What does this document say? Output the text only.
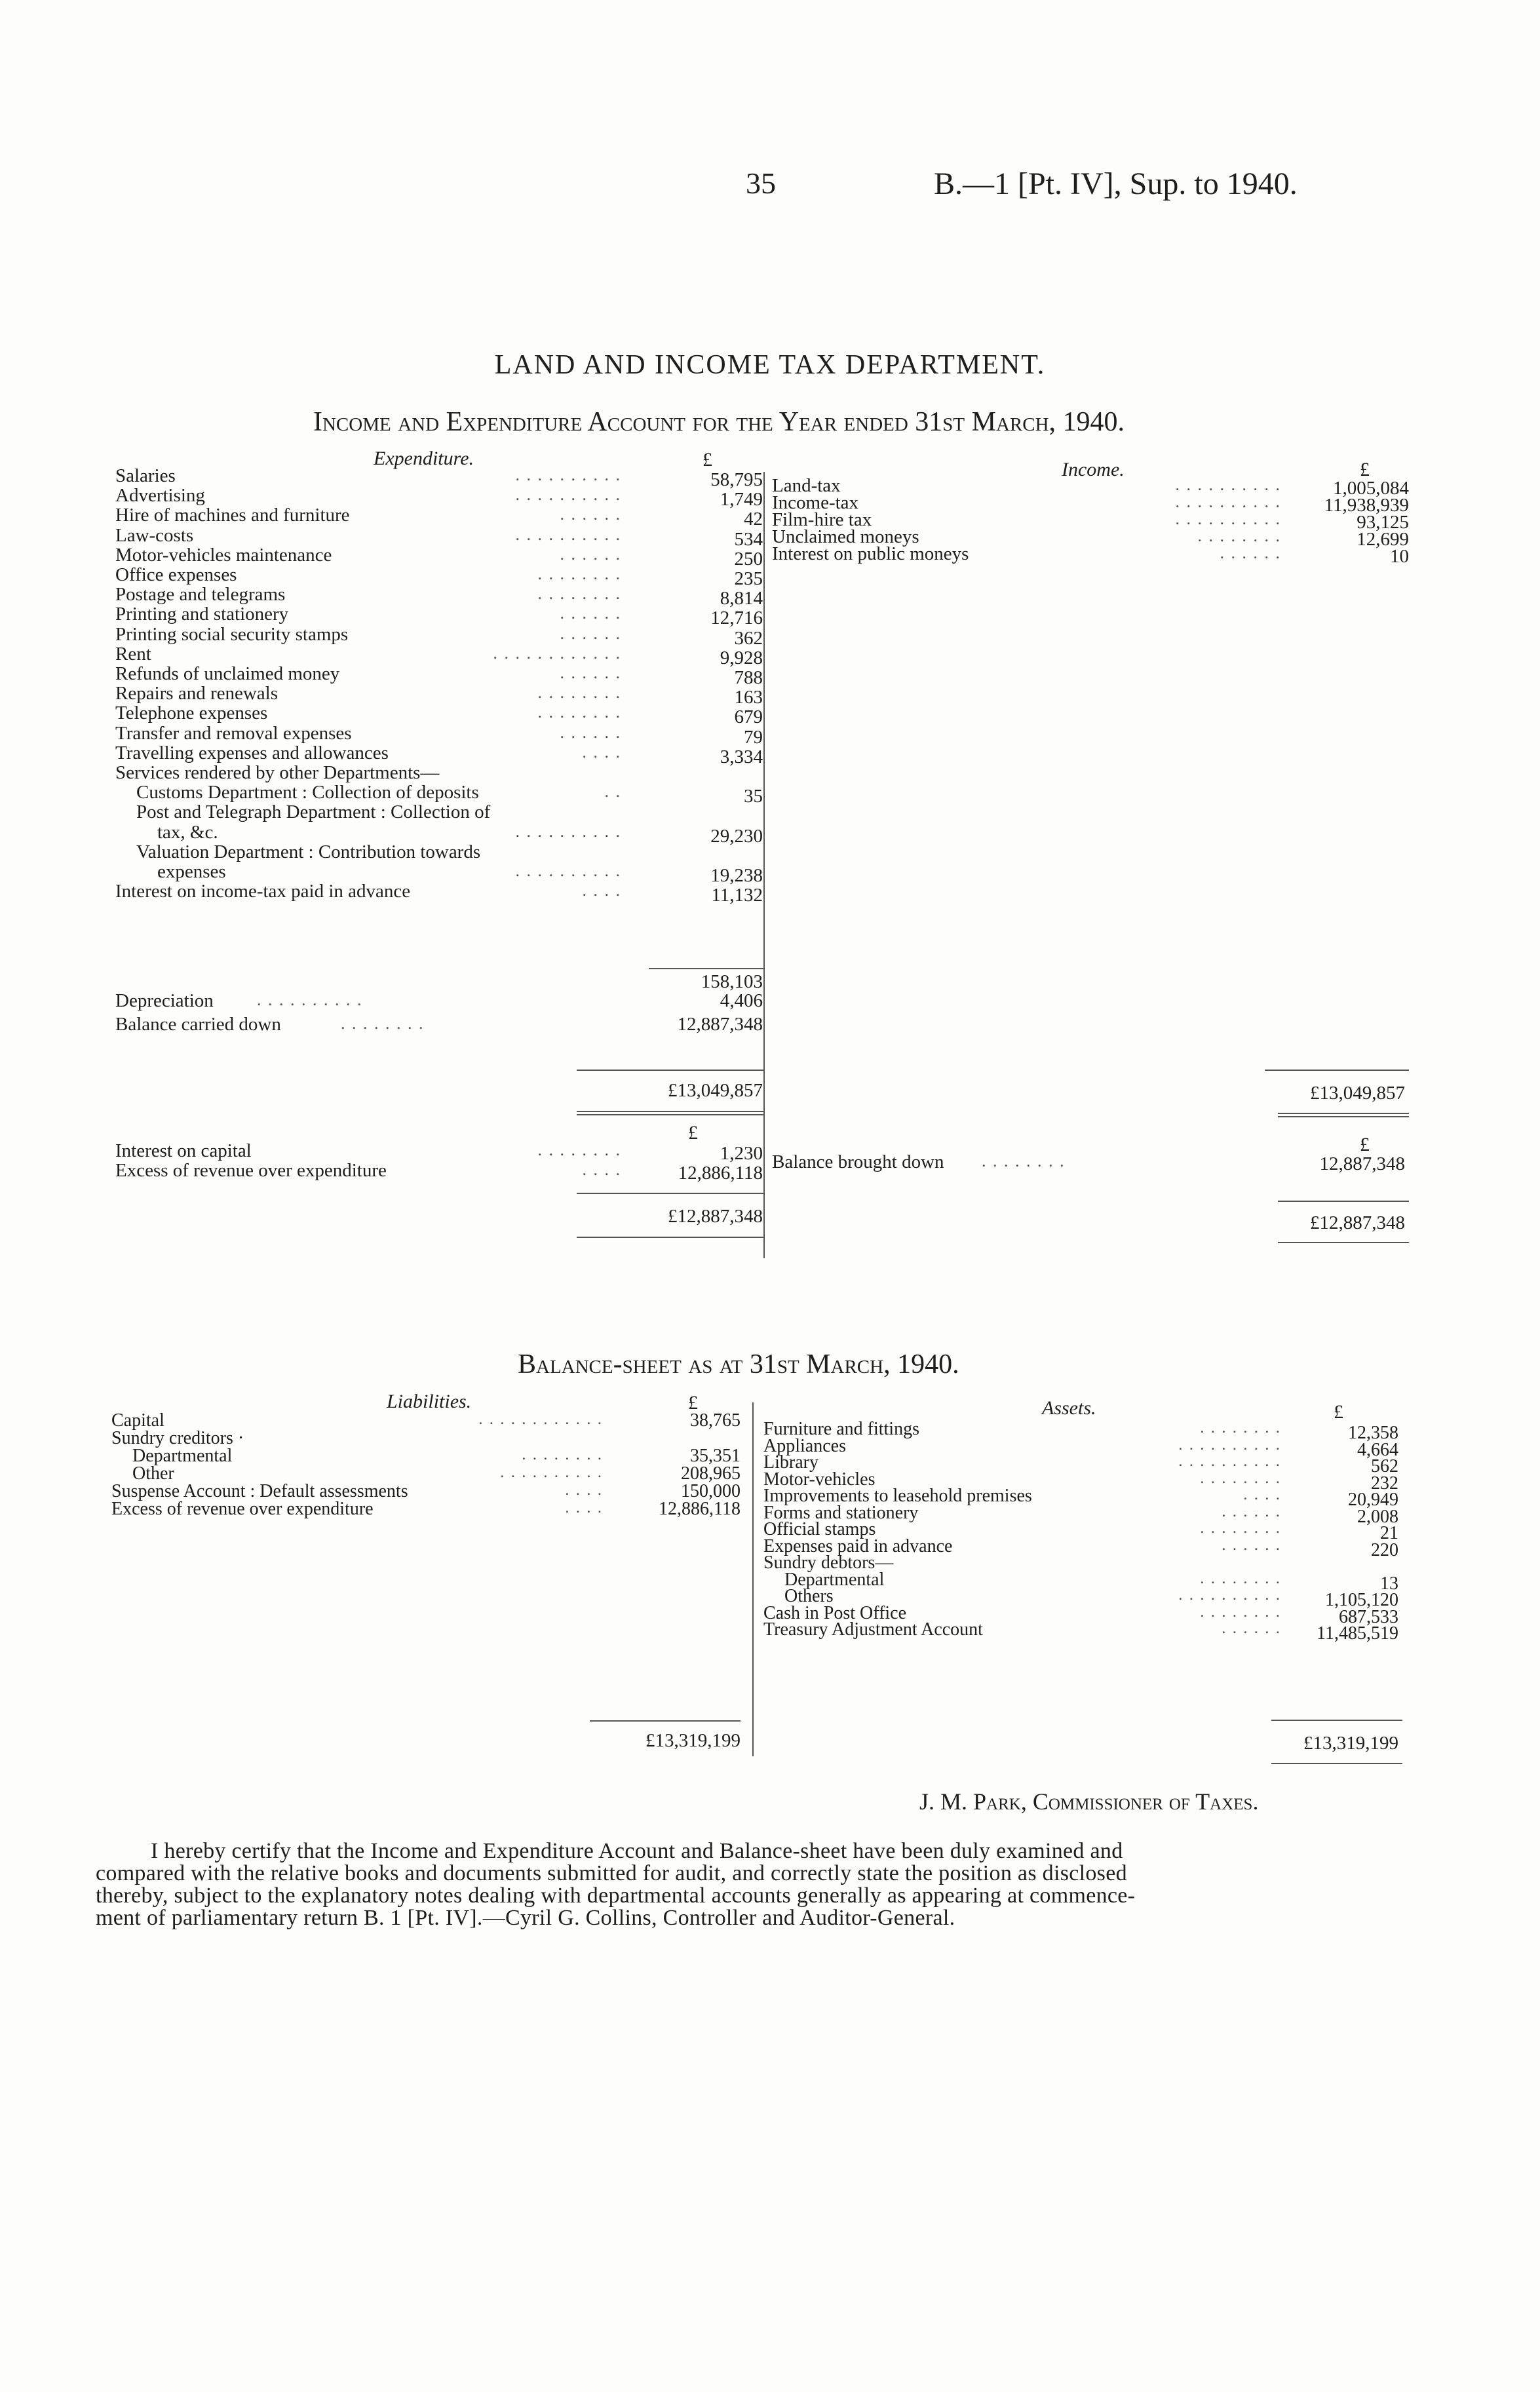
35	B.—1 [Pt. IV], Sup. to 1940.
LAND AND INCOME TAX DEPARTMENT.
Income and Expenditure Account for the Year ended 31st March, 1940.
Expenditure.	£	Income.	£
Salaries	. . . . . . . . . .	58,795
Advertising	. . . . . . . . . .	1,749
Hire of machines and furniture	. . . . . .	42
Law-costs	. . . . . . . . . .	534
Motor-vehicles maintenance	. . . . . .	250
Office expenses	. . . . . . . .	235
Postage and telegrams	. . . . . . . .	8,814
Printing and stationery	. . . . . .	12,716
Printing social security stamps	. . . . . .	362
Rent	. . . . . . . . . . . .	9,928
Refunds of unclaimed money	. . . . . .	788
Repairs and renewals	. . . . . . . .	163
Telephone expenses	. . . . . . . .	679
Transfer and removal expenses	. . . . . .	79
Travelling expenses and allowances	. . . .	3,334
Services rendered by other Departments—
Customs Department : Collection of deposits	. .	35
Post and Telegraph Department : Collection of
tax, &c.	. . . . . . . . . .	29,230
Valuation Department : Contribution towards
expenses	. . . . . . . . . .	19,238
Interest on income-tax paid in advance	. . . .	11,132
158,103
Depreciation	. . . . . . . . . .	4,406
Balance carried down	. . . . . . . .	12,887,348
£13,049,857
Land-tax	. . . . . . . . . .	1,005,084
Income-tax	. . . . . . . . . .	11,938,939
Film-hire tax	. . . . . . . . . .	93,125
Unclaimed moneys	. . . . . . . .	12,699
Interest on public moneys	. . . . . .	10
£13,049,857
£
£
Interest on capital	. . . . . . . .	1,230
Excess of revenue over expenditure	. . . .	12,886,118
Balance brought down . . . . . . . .	12,887,348
£12,887,348	£12,887,348
Balance-sheet as at 31st March, 1940.
Liabilities.	£	Assets.	£
Capital	. . . . . . . . . . . .	38,765
Sundry creditors ·
Departmental	. . . . . . . .	35,351
Other	. . . . . . . . . .	208,965
Suspense Account : Default assessments	. . . .	150,000
Excess of revenue over expenditure	. . . .	12,886,118
Furniture and fittings	. . . . . . . .	12,358
Appliances	. . . . . . . . . .	4,664
Library	. . . . . . . . . .	562
Motor-vehicles	. . . . . . . .	232
Improvements to leasehold premises	. . . .	20,949
Forms and stationery	. . . . . .	2,008
Official stamps	. . . . . . . .	21
Expenses paid in advance	. . . . . .	220
Sundry debtors—
Departmental	. . . . . . . .	13
Others	. . . . . . . . . .	1,105,120
Cash in Post Office	. . . . . . . .	687,533
Treasury Adjustment Account	. . . . . .	11,485,519
£13,319,199	£13,319,199
J. M. Park, Commissioner of Taxes.
I hereby certify that the Income and Expenditure Account and Balance-sheet have been duly examined and
compared with the relative books and documents submitted for audit, and correctly state the position as disclosed
thereby, subject to the explanatory notes dealing with departmental accounts generally as appearing at commence-
ment of parliamentary return B. 1 [Pt. IV].—Cyril G. Collins, Controller and Auditor-General.
